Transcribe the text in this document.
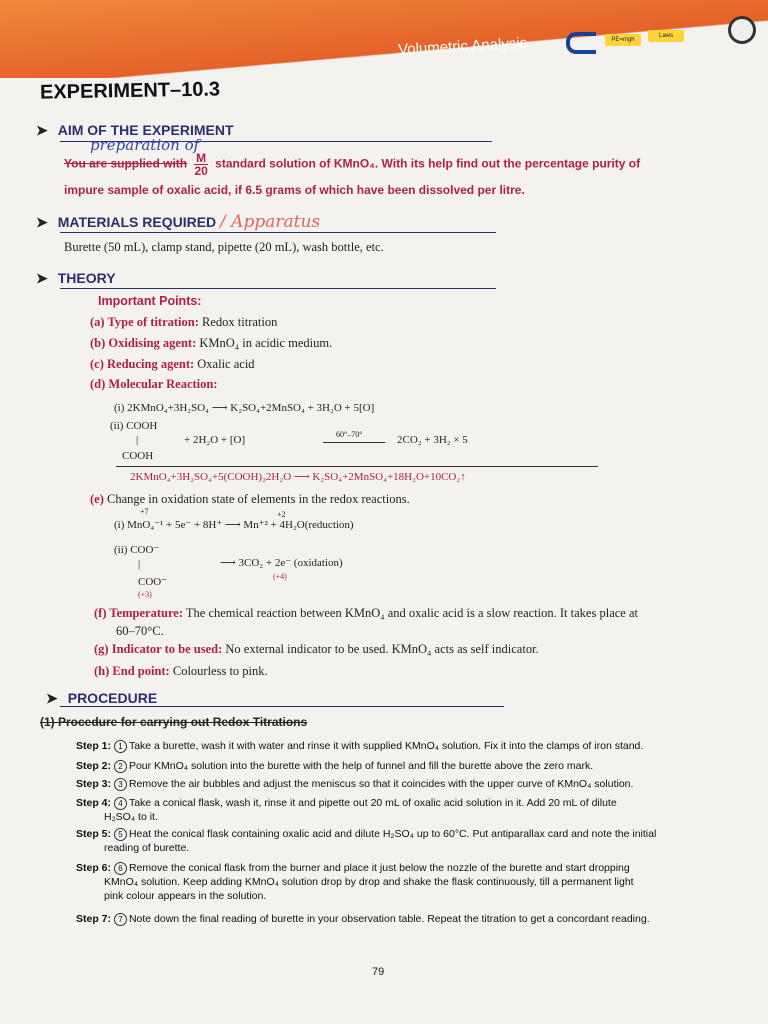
Volumetric Analysis	PE=mgh
Laws
EXPERIMENT–10.3
➤ AIM OF THE EXPERIMENT
preparation of
You are supplied with $\frac{M}{20}$ standard solution of KMnO₄. With its help find out the percentage purity of
impure sample of oxalic acid, if 6.5 grams of which have been dissolved per litre.
➤ MATERIALS REQUIRED / Apparatus
Burette (50 mL), clamp stand, pipette (20 mL), wash bottle, etc.
➤ THEORY
Important Points:
(a) Type of titration: Redox titration
(b) Oxidising agent: KMnO₄ in acidic medium.
(c) Reducing agent: Oxalic acid
(d) Molecular Reaction:
(i) 2KMnO₄+3H₂SO₄ ⟶ K₂SO₄+2MnSO₄ + 3H₂O + 5[O]
(ii) COOH
|	+ 2H₂O + [O]	60°–70°	2CO₂ + 3H₂ × 5
COOH
2KMnO₄+3H₂SO₄+5(COOH)₂2H₂O ⟶ K₂SO₄+2MnSO₄+18H₂O+10CO₂↑
(e) Change in oxidation state of elements in the redox reactions.
+7	+2
(i) MnO₄⁻¹ + 5e⁻ + 8H⁺ ⟶ Mn⁺² + 4H₂O(reduction)
(ii) COO⁻
|	⟶ 3CO₂ + 2e⁻ (oxidation)
(+4)
COO⁻
(+3)
(f) Temperature: The chemical reaction between KMnO₄ and oxalic acid is a slow reaction. It takes place at
60–70°C.
(g) Indicator to be used: No external indicator to be used. KMnO₄ acts as self indicator.
(h) End point: Colourless to pink.
➤ PROCEDURE
(1) Procedure for carrying out Redox Titrations
Step 1: 1 Take a burette, wash it with water and rinse it with supplied KMnO₄ solution. Fix it into the clamps of iron stand.
Step 2: 2 Pour KMnO₄ solution into the burette with the help of funnel and fill the burette above the zero mark.
Step 3: 3 Remove the air bubbles and adjust the meniscus so that it coincides with the upper curve of KMnO₄ solution.
Step 4: 4 Take a conical flask, wash it, rinse it and pipette out 20 mL of oxalic acid solution in it. Add 20 mL of dilute
H₂SO₄ to it.
Step 5: 5 Heat the conical flask containing oxalic acid and dilute H₂SO₄ up to 60°C. Put antiparallax card and note the initial
reading of burette.
Step 6: 6 Remove the conical flask from the burner and place it just below the nozzle of the burette and start dropping
KMnO₄ solution. Keep adding KMnO₄ solution drop by drop and shake the flask continuously, till a permanent light
pink colour appears in the solution.
Step 7: 7 Note down the final reading of burette in your observation table. Repeat the titration to get a concordant reading.
79
